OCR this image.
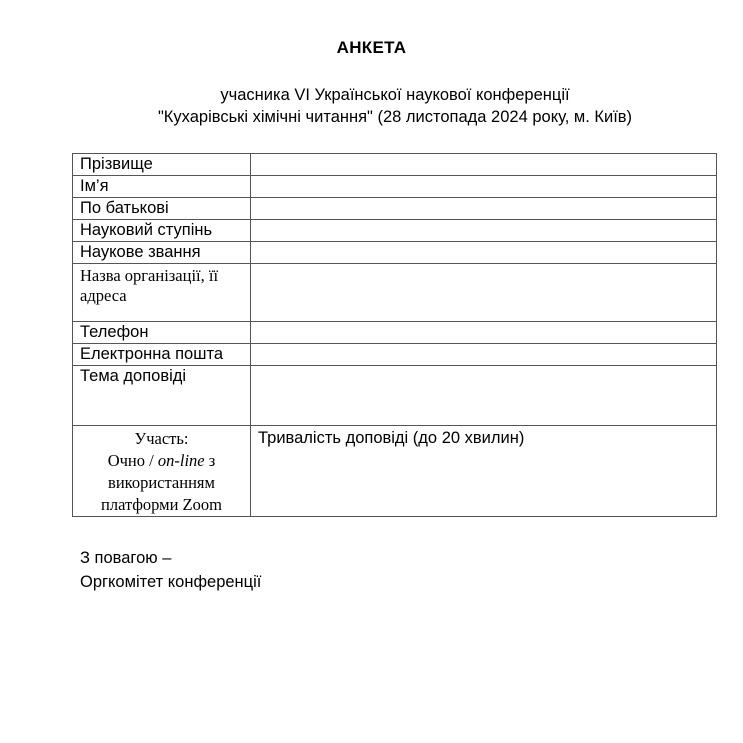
АНКЕТА
учасника VI Української наукової конференції
"Кухарівські хімічні читання" (28 листопада 2024 року, м. Київ)
Прізвище	
Ім’я	
По батькові	
Науковий ступінь	
Наукове звання	
Назва організації, її адреса	
Телефон	
Електронна пошта	
Тема доповіді	

Участь:
Очно / on-line з
використанням
платформи Zoom	Тривалість доповіді (до 20 хвилин)
З повагою –
Оргкомітет конференції
